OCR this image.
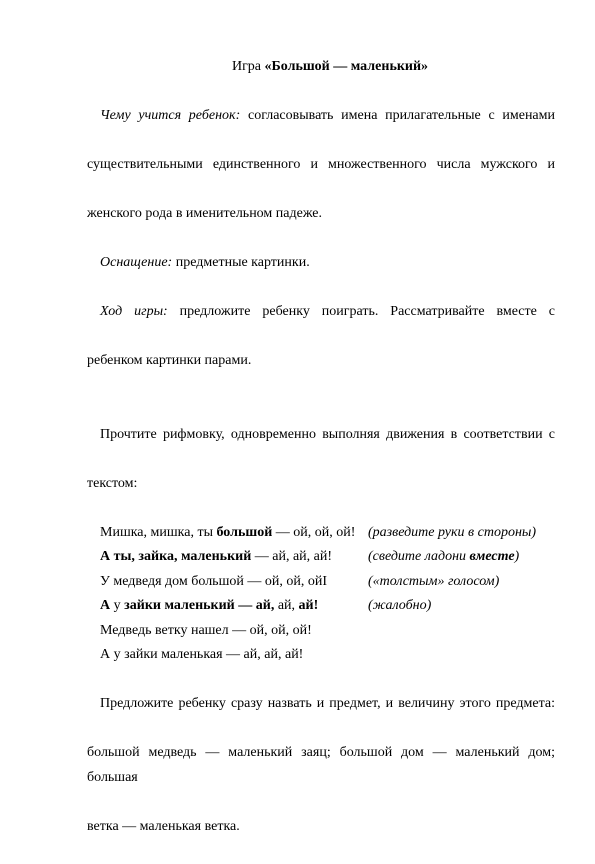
Игра «Большой — маленький»

Чему учится ребенок: согласовывать имена прилагательные с именами

существительными единственного и множественного числа мужского и

женского рода в именительном падеже.

Оснащение: предметные картинки.

Ход игры: предложите ребенку поиграть. Рассматривайте вместе с

ребенком картинки парами.

Прочтите рифмовку, одновременно выполняя движения в соответствии с

текстом:

Мишка, мишка, ты большой — ой, ой, ой! (разведите руки в стороны)
А ты, зайка, маленький — ай, ай, ай!	(сведите ладони вместе)
У медведя дом большой — ой, ой, ойI	(«толстым» голосом)
А у зайки маленький — ай, ай, ай!	(жалобно)
Медведь ветку нашел — ой, ой, ой!
А у зайки маленькая — ай, ай, ай!

Предложите ребенку сразу назвать и предмет, и величину этого предмета:

большой медведь — маленький заяц; большой дом — маленький дом; большая

ветка — маленькая ветка.
